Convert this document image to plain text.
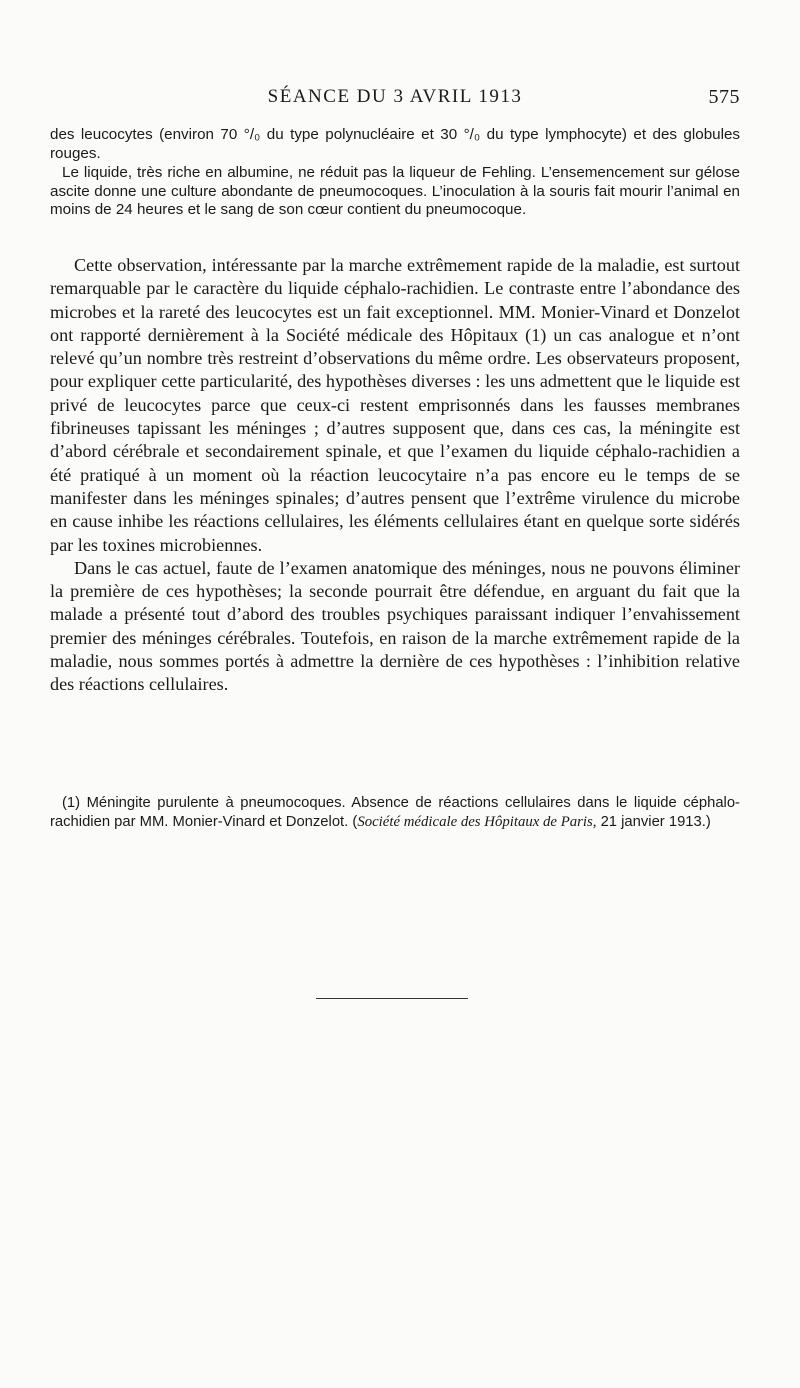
SÉANCE DU 3 AVRIL 1913	575

des leucocytes (environ 70 °/₀ du type polynucléaire et 30 °/₀ du type lymphocyte) et des globules rouges.

Le liquide, très riche en albumine, ne réduit pas la liqueur de Fehling. L’ensemencement sur gélose ascite donne une culture abondante de pneumocoques. L’inoculation à la souris fait mourir l’animal en moins de 24 heures et le sang de son cœur contient du pneumocoque.

Cette observation, intéressante par la marche extrêmement rapide de la maladie, est surtout remarquable par le caractère du liquide céphalo-rachidien. Le contraste entre l’abondance des microbes et la rareté des leucocytes est un fait exceptionnel. MM. Monier-Vinard et Donzelot ont rapporté dernièrement à la Société médicale des Hôpitaux (1) un cas analogue et n’ont relevé qu’un nombre très restreint d’observations du même ordre. Les observateurs proposent, pour expliquer cette particularité, des hypothèses diverses : les uns admettent que le liquide est privé de leucocytes parce que ceux-ci restent emprisonnés dans les fausses membranes fibrineuses tapissant les méninges ; d’autres supposent que, dans ces cas, la méningite est d’abord cérébrale et secondairement spinale, et que l’examen du liquide céphalo-rachidien a été pratiqué à un moment où la réaction leucocytaire n’a pas encore eu le temps de se manifester dans les méninges spinales; d’autres pensent que l’extrême virulence du microbe en cause inhibe les réactions cellulaires, les éléments cellulaires étant en quelque sorte sidérés par les toxines microbiennes.

Dans le cas actuel, faute de l’examen anatomique des méninges, nous ne pouvons éliminer la première de ces hypothèses; la seconde pourrait être défendue, en arguant du fait que la malade a présenté tout d’abord des troubles psychiques paraissant indiquer l’envahissement premier des méninges cérébrales. Toutefois, en raison de la marche extrêmement rapide de la maladie, nous sommes portés à admettre la dernière de ces hypothèses : l’inhibition relative des réactions cellulaires.

(1) Méningite purulente à pneumocoques. Absence de réactions cellulaires dans le liquide céphalo-rachidien par MM. Monier-Vinard et Donzelot. (Société médicale des Hôpitaux de Paris, 21 janvier 1913.)
